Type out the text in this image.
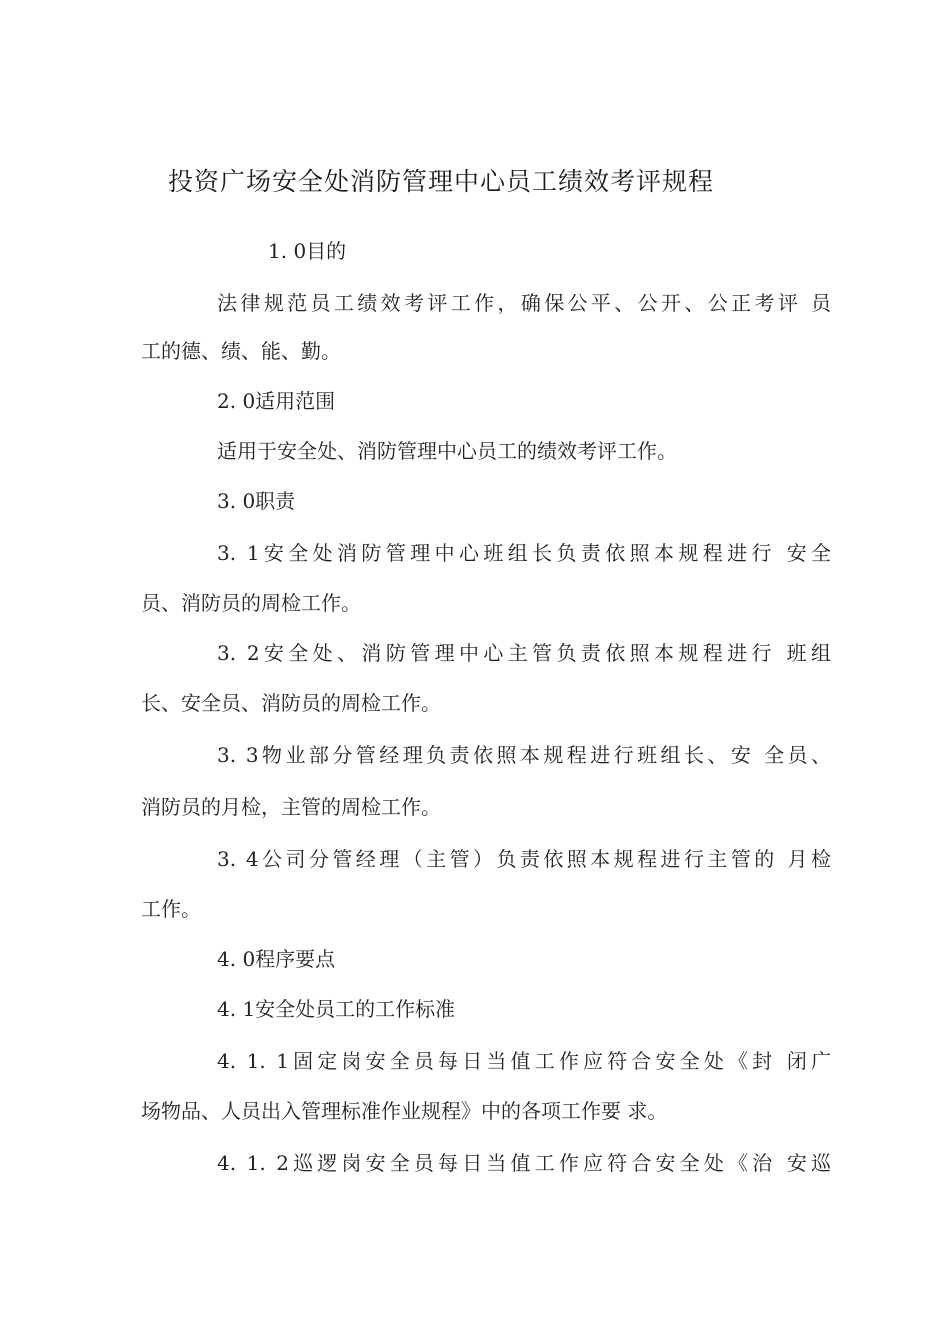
投资广场安全处消防管理中心员工绩效考评规程
1. 0目的
法律规范员工绩效考评工作，确保公平、公开、公正考评 员
工的德、绩、能、勤。
2. 0适用范围
适用于安全处、消防管理中心员工的绩效考评工作。
3. 0职责
3. 1安全处消防管理中心班组长负责依照本规程进行 安全
员、消防员的周检工作。
3. 2安全处、消防管理中心主管负责依照本规程进行 班组
长、安全员、消防员的周检工作。
3. 3物业部分管经理负责依照本规程进行班组长、安 全员、
消防员的月检，主管的周检工作。
3. 4公司分管经理（主管）负责依照本规程进行主管的 月检
工作。
4. 0程序要点
4. 1安全处员工的工作标准
4. 1. 1固定岗安全员每日当值工作应符合安全处《封 闭广
场物品、人员出入管理标准作业规程》中的各项工作要 求。
4. 1. 2巡逻岗安全员每日当值工作应符合安全处《治 安巡
